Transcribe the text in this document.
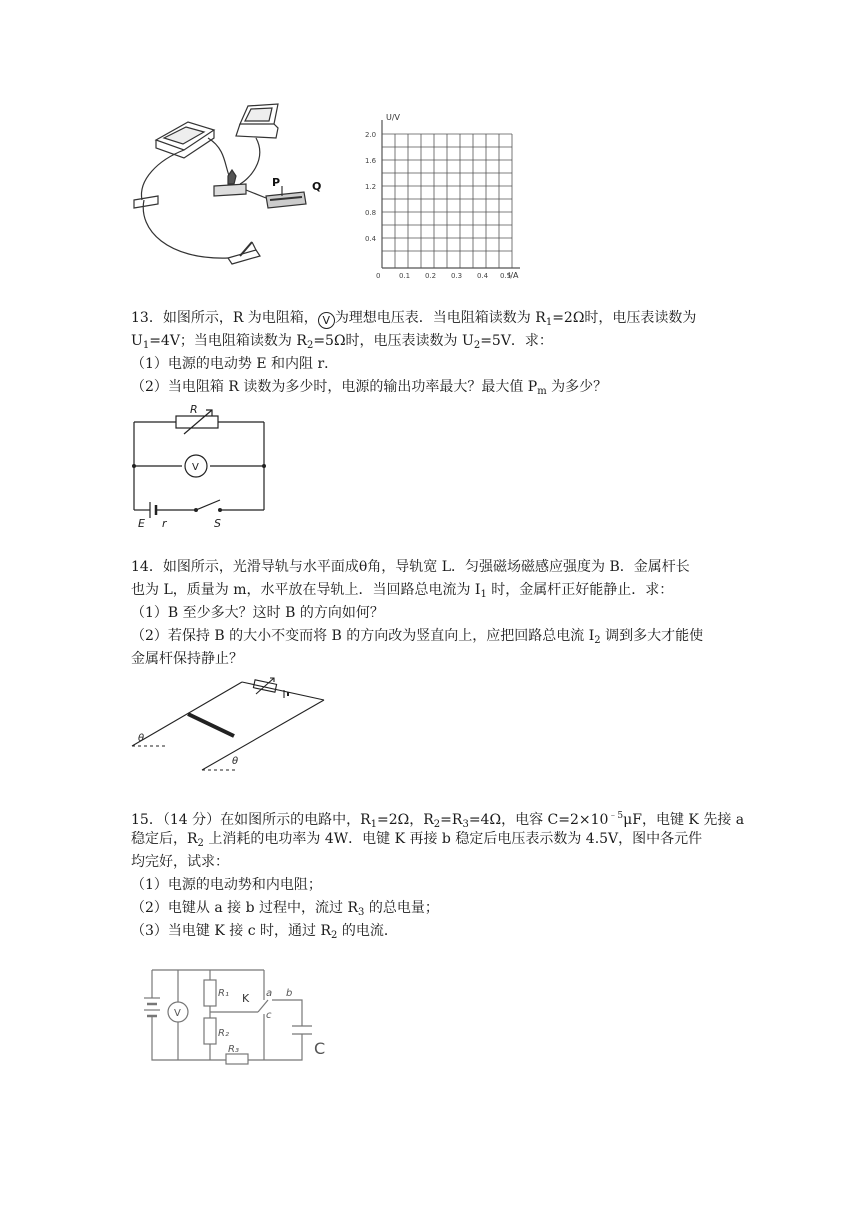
P	Q
U/V
I/A
2.0
1.6
1.2
0.8
0.4
0	0.1 0.2 0.3 0.4 0.5
13．如图所示，R 为电阻箱， V 为理想电压表．当电阻箱读数为 $R_1=2\Omega$时，电压表读数为
$U_1=4V$；当电阻箱读数为 $R_2=5\Omega$时，电压表读数为 $U_2=5V$．求：
（1）电源的电动势 E 和内阻 r．
（2）当电阻箱 R 读数为多少时，电源的输出功率最大？最大值 $P_m$ 为多少？
R
V
E r	S
14．如图所示，光滑导轨与水平面成θ角，导轨宽 L．匀强磁场磁感应强度为 B．金属杆长
也为 L，质量为 m，水平放在导轨上．当回路总电流为 $I_1$ 时，金属杆正好能静止．求：
（1）B 至少多大？这时 B 的方向如何？
（2）若保持 B 的大小不变而将 B 的方向改为竖直向上，应把回路总电流 $I_2$ 调到多大才能使
金属杆保持静止？
θ
θ
15．（14 分）在如图所示的电路中，$R_1=2\Omega$，$R_2=R_3=4\Omega$，电容 $C=2\times 10^{﹣5}\mu F$，电键 K 先接 a
稳定后，$R_2$ 上消耗的电功率为 4W．电键 K 再接 b 稳定后电压表示数为 4.5V，图中各元件
均完好，试求：
（1）电源的电动势和内电阻；
（2）电键从 a 接 b 过程中，流过 $R_3$ 的总电量；
（3）当电键 K 接 c 时，通过 $R_2$ 的电流．
R₁
R₂
R₃
K a b
c
C
V
